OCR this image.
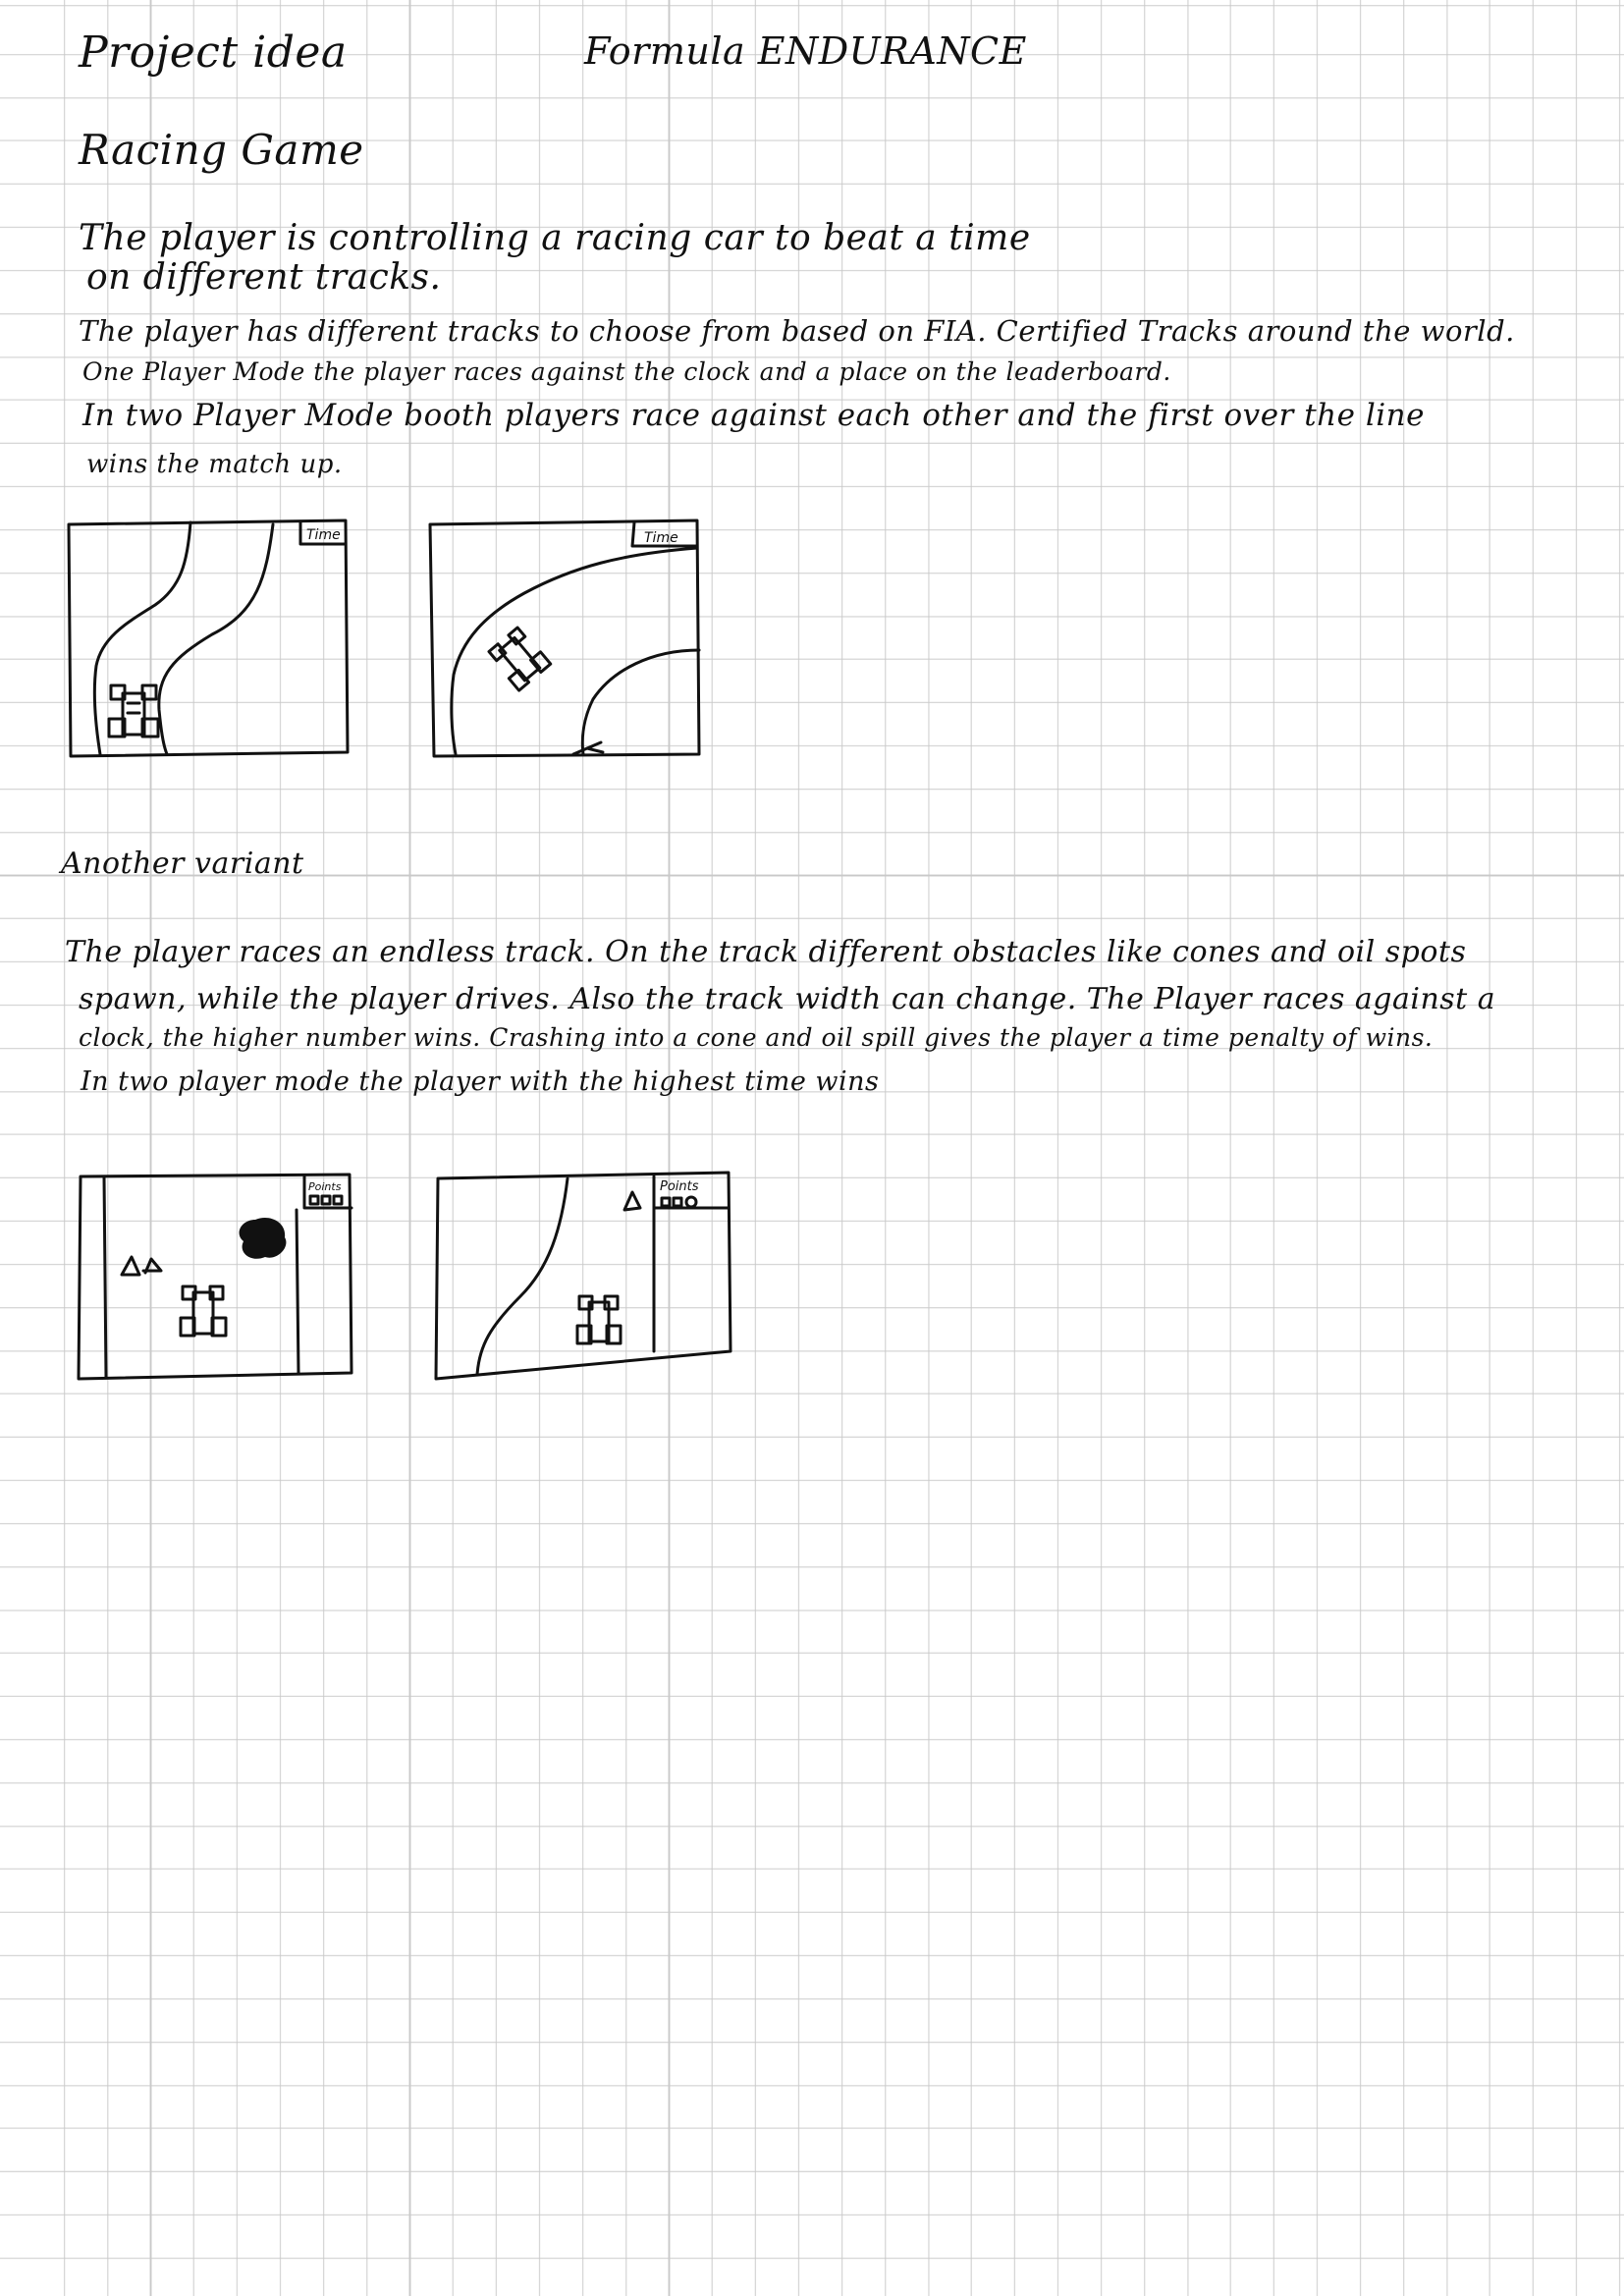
Project idea	Formula ENDURANCE
Racing Game
The player is controlling a racing car to beat a time
on different tracks.
The player has different tracks to choose from based on FIA. Certified Tracks around the world.
One Player Mode the player races against the clock and a place on the leaderboard.
In two Player Mode booth players race against each other and the first over the line
wins the match up.
Time	Time
Another variant
The player races an endless track. On the track different obstacles like cones and oil spots
spawn, while the player drives. Also the track width can change. The Player races against a
clock, the higher number wins. Crashing into a cone and oil spill gives the player a time penalty of wins.
In two player mode the player with the highest time wins
Points	Points
